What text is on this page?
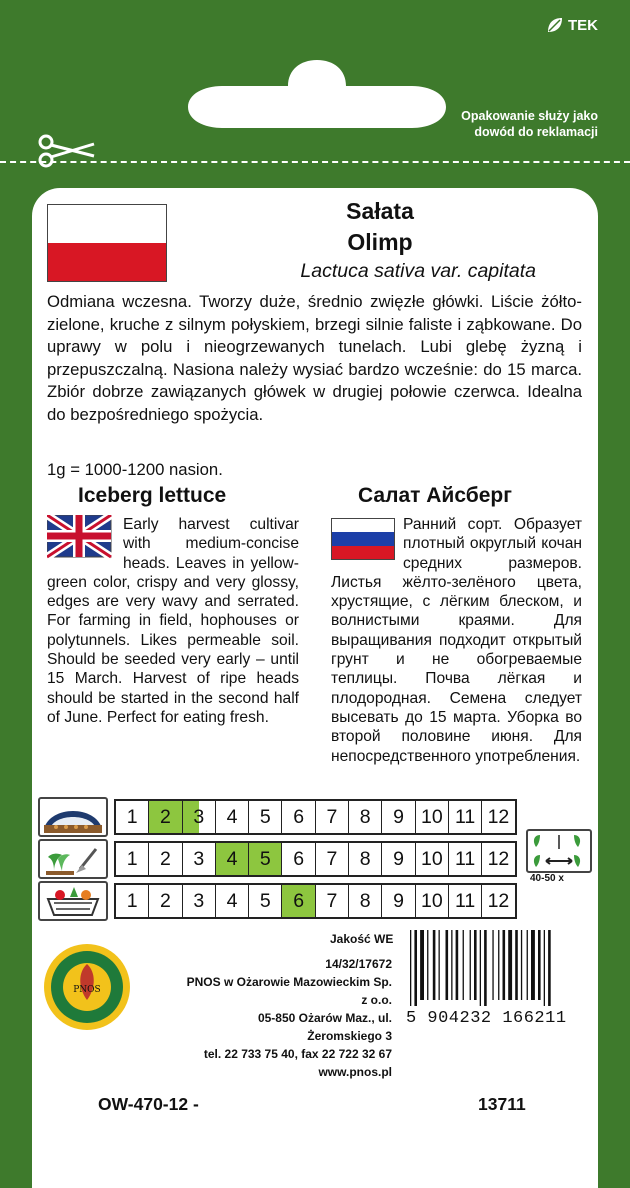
TEK
Opakowanie służy jako dowód do reklamacji
Sałata
Olimp
Lactuca sativa var. capitata
Odmiana wczesna. Tworzy duże, średnio zwięzłe główki. Liście żółto-zielone, kruche z silnym połyskiem, brzegi silnie faliste i ząbkowane. Do uprawy w polu i nieogrzewanych tunelach. Lubi glebę żyzną i przepuszczalną. Nasiona należy wysiać bardzo wcześnie: do 15 marca. Zbiór dobrze zawiązanych główek w drugiej połowie czerwca. Idealna do bezpośredniego spożycia.
1g = 1000-1200 nasion.
Iceberg lettuce	Салат Айсберг
Early harvest cultivar with medium-concise heads. Leaves in yellow-green color, crispy and very glossy, edges are very wavy and serrated. For farming in field, hophouses or polytunnels. Likes permeable soil. Should be seeded very early – until 15 March. Harvest of ripe heads should be started in the second half of June. Perfect for eating fresh.
Ранний сорт. Образует плотный округлый кочан средних размеров. Листья жёлто-зелёного цвета, хрустящие, с лёгким блеском, и волнистыми краями. Для выращивания подходит открытый грунт и не обогреваемые теплицы. Почва лёгкая и плодородная. Семена следует высевать до 15 марта. Уборка во второй половине июня. Для непосредственного употребления.
1	2	3	4	5	6	7	8	9 10 11 12
1	2	3	4	5	6	7	8	9 10 11 12
1	2	3	4	5	6	7	8	9 10 11 12
40-50 x
PNOS
Jakość WE
14/32/17672
PNOS w Ożarowie Mazowieckim Sp. z o.o.
05-850 Ożarów Maz., ul. Żeromskiego 3
tel. 22 733 75 40, fax 22 722 32 67
www.pnos.pl
5 904232 166211
OW-470-12 -	13711
